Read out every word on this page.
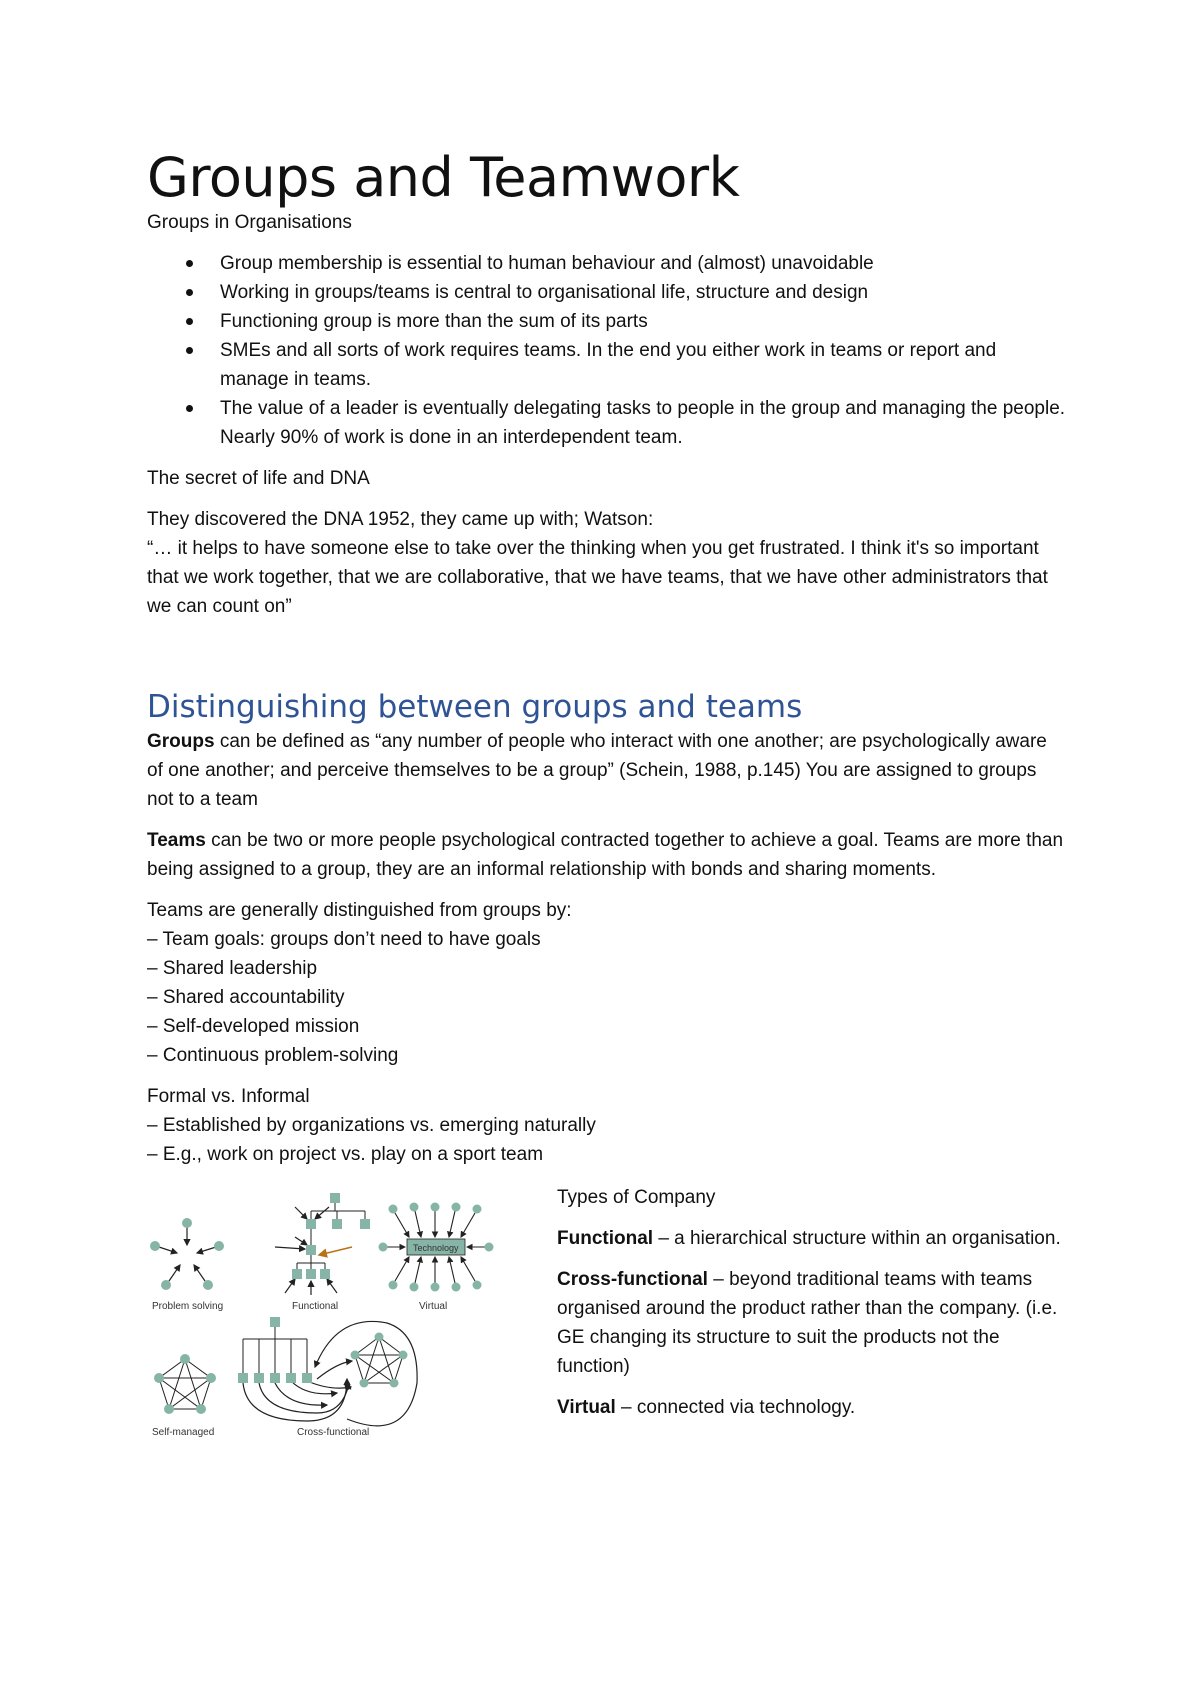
Groups and Teamwork

Groups in Organisations

Group membership is essential to human behaviour and (almost) unavoidable
Working in groups/teams is central to organisational life, structure and design
Functioning group is more than the sum of its parts
SMEs and all sorts of work requires teams. In the end you either work in teams or report and manage in teams.
The value of a leader is eventually delegating tasks to people in the group and managing the people. Nearly 90% of work is done in an interdependent team.

The secret of life and DNA

They discovered the DNA 1952, they came up with; Watson:

“… it helps to have someone else to take over the thinking when you get frustrated. I think it's so important that we work together, that we are collaborative, that we have teams, that we have other administrators that we can count on”

Distinguishing between groups and teams

Groups can be defined as “any number of people who interact with one another; are psychologically aware of one another; and perceive themselves to be a group” (Schein, 1988, p.145) You are assigned to groups not to a team

Teams can be two or more people psychological contracted together to achieve a goal. Teams are more than being assigned to a group, they are an informal relationship with bonds and sharing moments.

Teams are generally distinguished from groups by:

– Team goals: groups don’t need to have goals
– Shared leadership
– Shared accountability
– Self-developed mission
– Continuous problem-solving

Formal vs. Informal

– Established by organizations vs. emerging naturally
– E.g., work on project vs. play on a sport team
Problem solving	Functional
Technology
Virtual
Self-managed	Cross-functional

Types of Company

Functional – a hierarchical structure within an organisation.

Cross-functional – beyond traditional teams with teams organised around the product rather than the company. (i.e. GE changing its structure to suit the products not the function)

Virtual – connected via technology.
